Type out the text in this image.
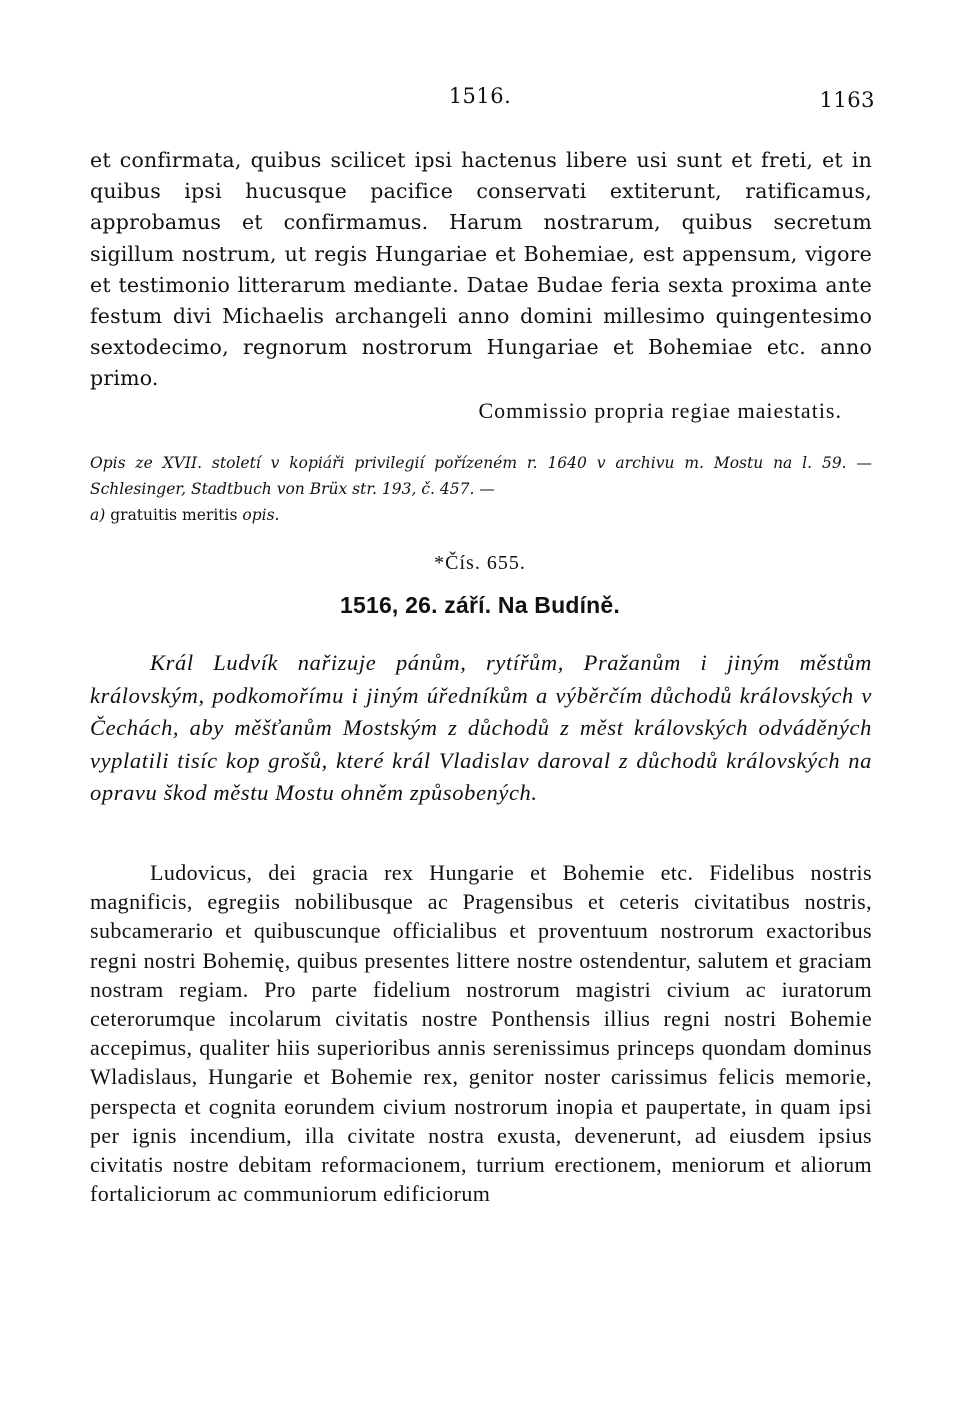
1516.	1163

et confirmata, quibus scilicet ipsi hactenus libere usi sunt et freti, et in quibus ipsi hucusque pacifice conservati extiterunt, ratificamus, approbamus et confirmamus. Harum nostrarum, quibus secretum sigillum nostrum, ut regis Hungariae et Bohemiae, est appensum, vigore et testimonio litterarum mediante. Datae Budae feria sexta proxima ante festum divi Michaelis archangeli anno domini millesimo quingentesimo sextodecimo, regnorum nostrorum Hungariae et Bohemiae etc. anno primo.

Commissio propria regiae maiestatis.

Opis ze XVII. století v kopiáři privilegií pořízeném r. 1640 v archivu m. Mostu na l. 59. — Schlesinger, Stadtbuch von Brüx str. 193, č. 457. —

a) gratuitis meritis opis.

*Čís. 655.
1516, 26. září. Na Budíně.

Král Ludvík nařizuje pánům, rytířům, Pražanům i jiným městům královským, podkomořímu i jiným úředníkům a výběrčím důchodů královských v Čechách, aby měšťanům Mostským z důchodů z měst královských odváděných vyplatili tisíc kop grošů, které král Vladislav daroval z důchodů královských na opravu škod městu Mostu ohněm způsobených.

Ludovicus, dei gracia rex Hungarie et Bohemie etc. Fidelibus nostris magnificis, egregiis nobilibusque ac Pragensibus et ceteris civitatibus nostris, subcamerario et quibuscunque officialibus et proventuum nostrorum exactoribus regni nostri Bohemię, quibus presentes littere nostre ostendentur, salutem et graciam nostram regiam. Pro parte fidelium nostrorum magistri civium ac iuratorum ceterorumque incolarum civitatis nostre Ponthensis illius regni nostri Bohemie accepimus, qualiter hiis superioribus annis serenissimus princeps quondam dominus Wladislaus, Hungarie et Bohemie rex, genitor noster carissimus felicis memorie, perspecta et cognita eorundem civium nostrorum inopia et paupertate, in quam ipsi per ignis incendium, illa civitate nostra exusta, devenerunt, ad eiusdem ipsius civitatis nostre debitam reformacionem, turrium erectionem, meniorum et aliorum fortaliciorum ac communiorum edificiorum
